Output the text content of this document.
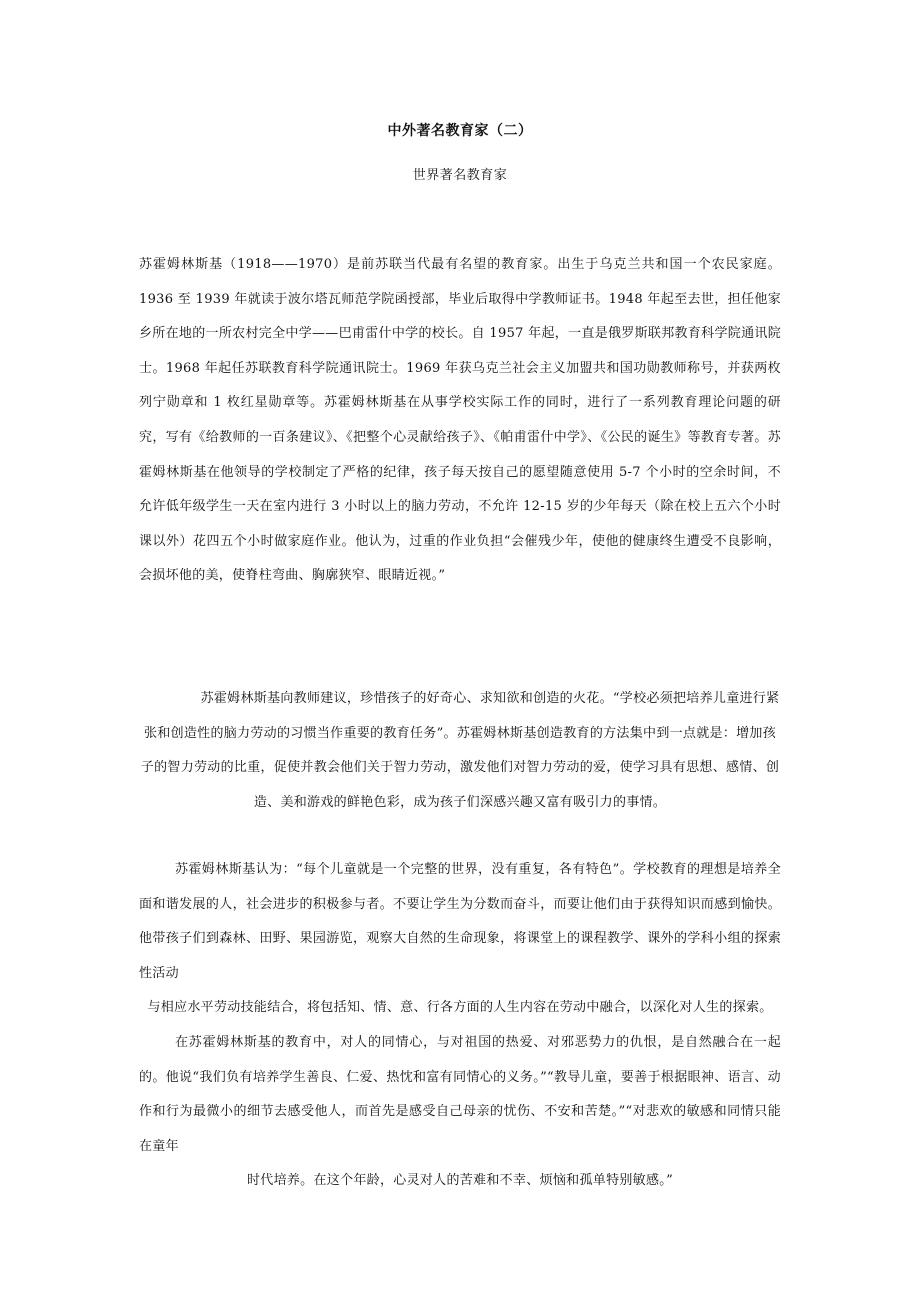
中外著名教育家（二）
世界著名教育家

苏霍姆林斯基（1918——1970）是前苏联当代最有名望的教育家。出生于乌克兰共和国一个农民家庭。1936 至 1939 年就读于波尔塔瓦师范学院函授部，毕业后取得中学教师证书。1948 年起至去世，担任他家乡所在地的一所农村完全中学——巴甫雷什中学的校长。自 1957 年起，一直是俄罗斯联邦教育科学院通讯院士。1968 年起任苏联教育科学院通讯院士。1969 年获乌克兰社会主义加盟共和国功勋教师称号，并获两枚列宁勋章和 1 枚红星勋章等。苏霍姆林斯基在从事学校实际工作的同时，进行了一系列教育理论问题的研究，写有《给教师的一百条建议》、《把整个心灵献给孩子》、《帕甫雷什中学》、《公民的诞生》等教育专著。苏霍姆林斯基在他领导的学校制定了严格的纪律，孩子每天按自己的愿望随意使用 5-7 个小时的空余时间，不允许低年级学生一天在室内进行 3 小时以上的脑力劳动，不允许 12-15 岁的少年每天（除在校上五六个小时课以外）花四五个小时做家庭作业。他认为，过重的作业负担“会催残少年，使他的健康终生遭受不良影响，会损坏他的美，使脊柱弯曲、胸廓狭窄、眼睛近视。”

苏霍姆林斯基向教师建议，珍惜孩子的好奇心、求知欲和创造的火花。“学校必须把培养儿童进行紧张和创造性的脑力劳动的习惯当作重要的教育任务”。苏霍姆林斯基创造教育的方法集中到一点就是：增加孩子的智力劳动的比重，促使并教会他们关于智力劳动，激发他们对智力劳动的爱，使学习具有思想、感情、创造、美和游戏的鲜艳色彩，成为孩子们深感兴趣又富有吸引力的事情。

苏霍姆林斯基认为：“每个儿童就是一个完整的世界，没有重复，各有特色”。学校教育的理想是培养全面和谐发展的人，社会进步的积极参与者。不要让学生为分数而奋斗，而要让他们由于获得知识而感到愉快。他带孩子们到森林、田野、果园游览，观察大自然的生命现象，将课堂上的课程教学、课外的学科小组的探索性活动
与相应水平劳动技能结合，将包括知、情、意、行各方面的人生内容在劳动中融合，以深化对人生的探索。

在苏霍姆林斯基的教育中，对人的同情心，与对祖国的热爱、对邪恶势力的仇恨，是自然融合在一起的。他说“我们负有培养学生善良、仁爱、热忱和富有同情心的义务。”“教导儿童，要善于根据眼神、语言、动作和行为最微小的细节去感受他人，而首先是感受自己母亲的忧伤、不安和苦楚。”“对悲欢的敏感和同情只能在童年
时代培养。在这个年龄，心灵对人的苦难和不幸、烦恼和孤单特别敏感。”
